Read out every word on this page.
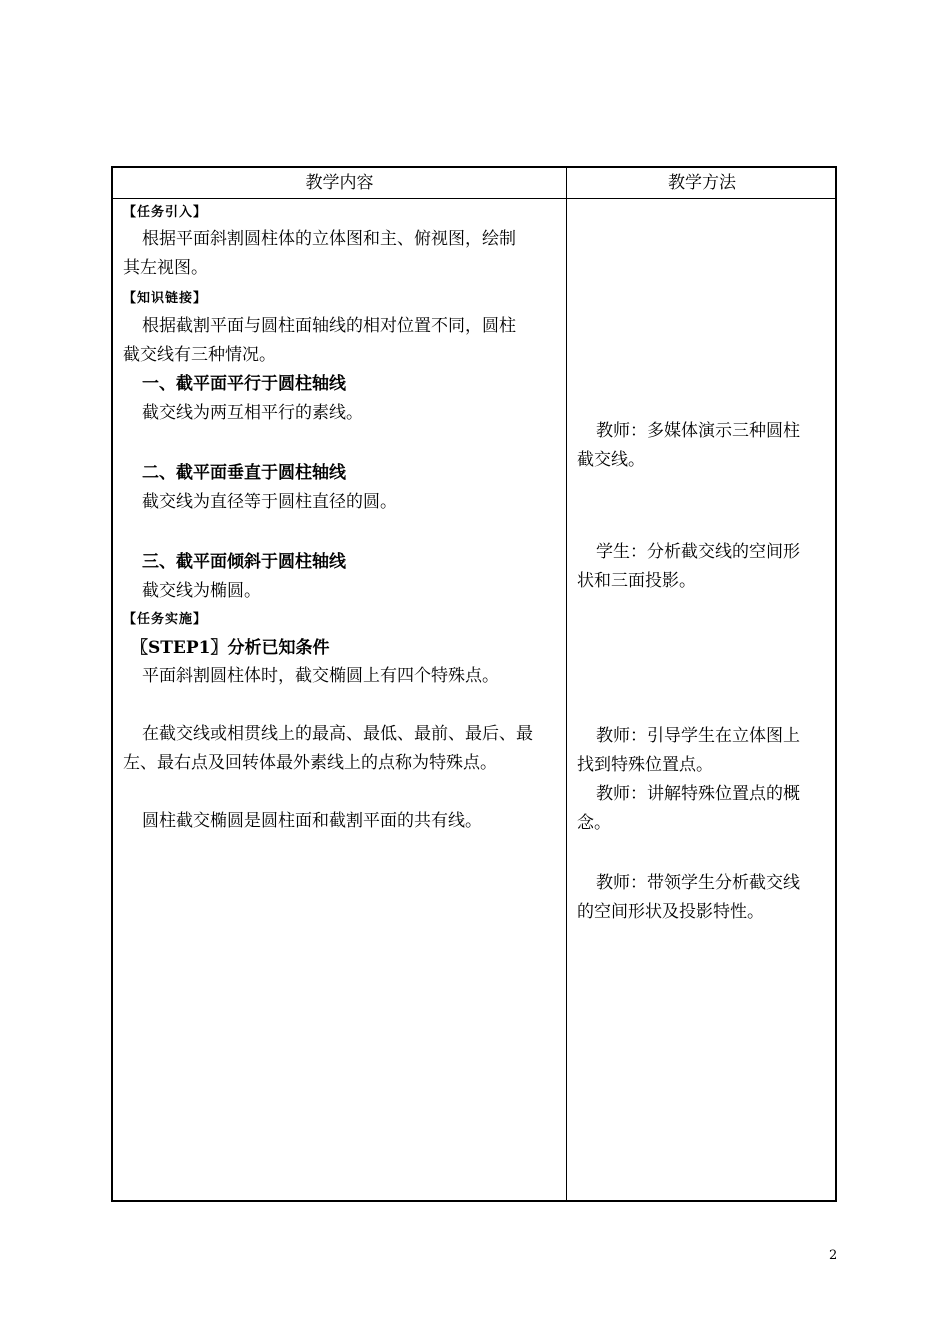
教学内容	教学方法
【任务引入】
根据平面斜割圆柱体的立体图和主、俯视图，绘制
其左视图。
【知识链接】
根据截割平面与圆柱面轴线的相对位置不同，圆柱
截交线有三种情况。
一、截平面平行于圆柱轴线
截交线为两互相平行的素线。
二、截平面垂直于圆柱轴线
截交线为直径等于圆柱直径的圆。
三、截平面倾斜于圆柱轴线
截交线为椭圆。
【任务实施】
〖STEP1〗分析已知条件
平面斜割圆柱体时，截交椭圆上有四个特殊点。
在截交线或相贯线上的最高、最低、最前、最后、最
左、最右点及回转体最外素线上的点称为特殊点。
圆柱截交椭圆是圆柱面和截割平面的共有线。
教师：多媒体演示三种圆柱
截交线。
学生：分析截交线的空间形
状和三面投影。
教师：引导学生在立体图上
找到特殊位置点。
教师：讲解特殊位置点的概
念。
教师：带领学生分析截交线
的空间形状及投影特性。
2
